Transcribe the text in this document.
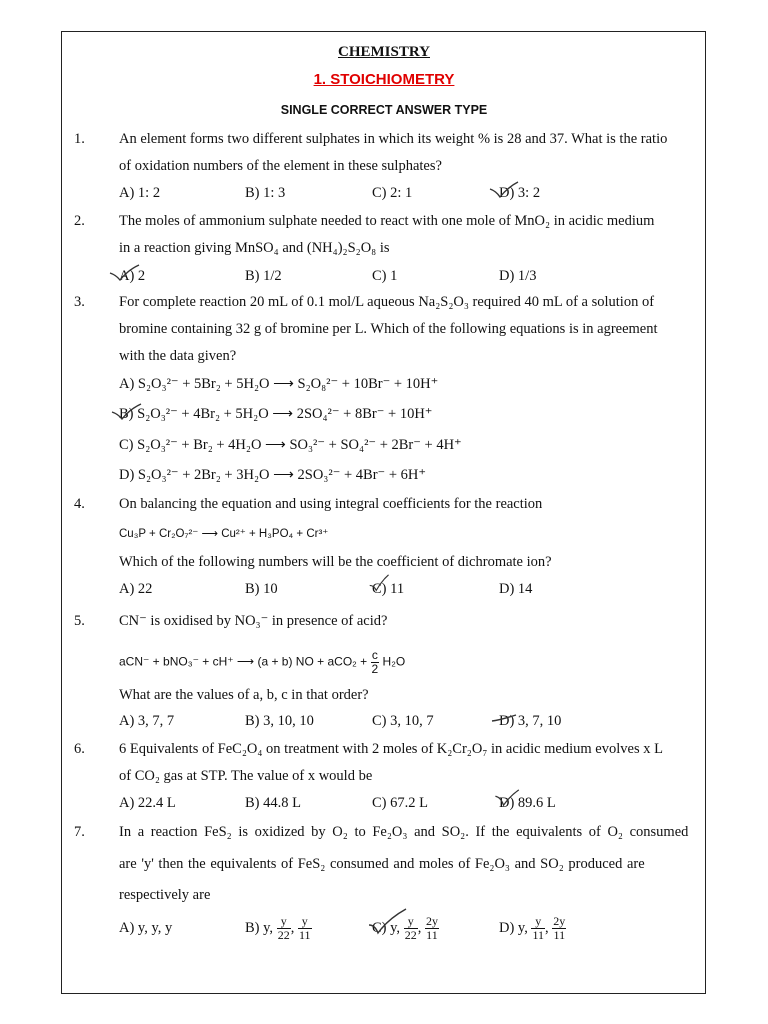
CHEMISTRY
1. STOICHIOMETRY
SINGLE CORRECT ANSWER TYPE
1. An element forms two different sulphates in which its weight % is 28 and 37. What is the ratio
of oxidation numbers of the element in these sulphates?
A) 1: 2	B) 1: 3	C) 2: 1	D) 3: 2
2. The moles of ammonium sulphate needed to react with one mole of MnO₂ in acidic medium
in a reaction giving MnSO₄ and (NH₄)₂S₂O₈ is
A) 2	B) 1/2	C) 1	D) 1/3
3. For complete reaction 20 mL of 0.1 mol/L aqueous Na₂S₂O₃ required 40 mL of a solution of
bromine containing 32 g of bromine per L. Which of the following equations is in agreement
with the data given?
A) S₂O₃²⁻ + 5Br₂ + 5H₂O ⟶ S₂O₈²⁻ + 10Br⁻ + 10H⁺
B) S₂O₃²⁻ + 4Br₂ + 5H₂O ⟶ 2SO₄²⁻ + 8Br⁻ + 10H⁺
C) S₂O₃²⁻ + Br₂ + 4H₂O ⟶ SO₃²⁻ + SO₄²⁻ + 2Br⁻ + 4H⁺
D) S₂O₃²⁻ + 2Br₂ + 3H₂O ⟶ 2SO₃²⁻ + 4Br⁻ + 6H⁺
4. On balancing the equation and using integral coefficients for the reaction
Cu₃P + Cr₂O₇²⁻ ⟶ Cu²⁺ + H₃PO₄ + Cr³⁺
Which of the following numbers will be the coefficient of dichromate ion?
A) 22	B) 10	C) 11	D) 14
5. CN⁻ is oxidised by NO₃⁻ in presence of acid?
aCN⁻ + bNO₃⁻ + cH⁺ ⟶ (a + b) NO + $aCO_2 + \frac{c}{2} H_2O$
What are the values of a, b, c in that order?
A) 3, 7, 7	B) 3, 10, 10	C) 3, 10, 7	D) 3, 7, 10
6. 6 Equivalents of FeC₂O₄ on treatment with 2 moles of K₂Cr₂O₇ in acidic medium evolves x L
of CO₂ gas at STP. The value of x would be
A) 22.4 L	B) 44.8 L	C) 67.2 L	D) 89.6 L
7. In a reaction FeS₂ is oxidized by O₂ to Fe₂O₃ and SO₂. If the equivalents of O₂ consumed
are 'y' then the equivalents of FeS₂ consumed and moles of Fe₂O₃ and SO₂ produced are
respectively are
A) y, y, y	B) y, $\frac{y}{22}$ , $\frac{y}{11}$	C) y, $\frac{y}{22}$ , $\frac{2y}{11}$	D) y, $\frac{y}{11}$ , $\frac{2y}{11}$
